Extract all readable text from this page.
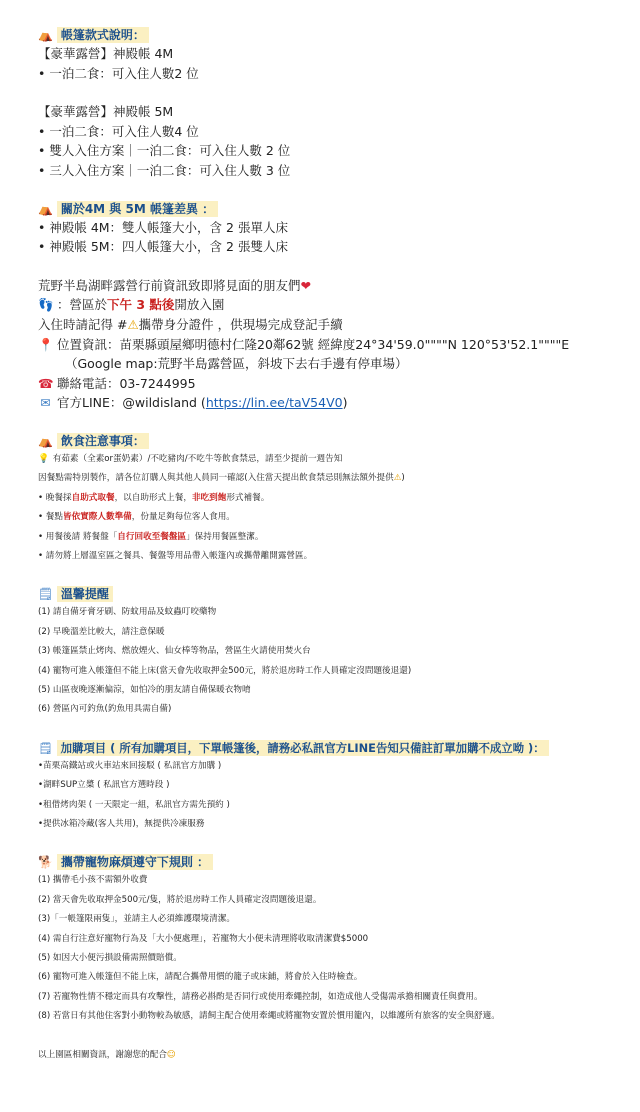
⛺ 帳篷款式說明：
【豪華露營】神殿帳 4M
• 一泊二食：可入住人數2 位
【豪華露營】神殿帳 5M
• 一泊二食：可入住人數4 位
• 雙人入住方案｜一泊二食：可入住人數 2 位
• 三人入住方案｜一泊二食：可入住人數 3 位
⛺ 關於4M 與 5M 帳篷差異 ：
• 神殿帳 4M：雙人帳篷大小，含 2 張單人床
• 神殿帳 5M：四人帳篷大小，含 2 張雙人床
荒野半島湖畔露營行前資訊致即將見面的朋友們❤
👣 ：營區於下午 3 點後開放入園
入住時請記得 #⚠攜帶身分證件 ，供現場完成登記手續
📍 位置資訊：苗栗縣頭屋鄉明德村仁隆20鄰62號 經緯度24°34'59.0""""N 120°53'52.1""""E
（Google map:荒野半島露營區，斜坡下去右手邊有停車場）
☎ 聯絡電話：03-7244995
✉ 官方LINE：@wildisland (https://lin.ee/taV54V0)
⛺ 飲食注意事項：
💡 有茹素（全素or蛋奶素）/不吃豬肉/不吃牛等飲食禁忌，請至少提前一週告知
因餐點需特別製作，請各位訂購人與其他人員同一確認(入住當天提出飲食禁忌則無法額外提供⚠)
• 晚餐採自助式取餐，以自助形式上餐，非吃到飽形式補餐。
• 餐點皆依實際人數準備，份量足夠每位客人食用。
• 用餐後請 將餐盤「自行回收至餐盤區」保持用餐區整潔。
• 請勿將上層溫室區之餐具、餐盤等用品帶入帳篷內或攜帶離開露營區。
🗒 溫馨提醒
(1) 請自備牙膏牙刷、防蚊用品及蚊蟲叮咬藥物
(2) 早晚溫差比較大，請注意保暖
(3) 帳篷區禁止烤肉、燃放煙火、仙女棒等物品，營區生火請使用焚火台
(4) 寵物可進入帳篷但不能上床(當天會先收取押金500元，將於退房時工作人員確定沒問題後退還)
(5) 山區夜晚逐漸偏涼，如怕冷的朋友請自備保暖衣物唷
(6) 營區內可釣魚(釣魚用具需自備)
🗒 加購項目 ( 所有加購項目，下單帳篷後，請務必私訊官方LINE告知只備註訂單加購不成立呦 )：
•苗栗高鐵站或火車站來回接駁 ( 私訊官方加購 )
•湖畔SUP立槳 ( 私訊官方選時段 )
•租借烤肉架 ( 一天限定一組，私訊官方需先預約 )
•提供冰箱冷藏(客人共用)，無提供冷凍服務
🐕 攜帶寵物麻煩遵守下規則 ：
(1) 攜帶毛小孩不需額外收費
(2) 當天會先收取押金500元/隻，將於退房時工作人員確定沒問題後退還。
(3)「一帳篷限兩隻」，並請主人必須維護環境清潔。
(4) 需自行注意好寵物行為及「大小便處理」，若寵物大小便未清理將收取清潔費$5000
(5) 如因大小便污損設備需照價賠償。
(6) 寵物可進入帳篷但不能上床，請配合攜帶用慣的籠子或床鋪，將會於入住時檢查。
(7) 若寵物性情不穩定而具有攻擊性，請務必斟酌是否同行或使用牽繩控制，如造成他人受傷需承擔相關責任與費用。
(8) 若當日有其他住客對小動物較為敏感，請飼主配合使用牽繩或將寵物安置於慣用籠內，以維護所有旅客的安全與舒適。
以上園區相關資訊，謝謝您的配合☺
